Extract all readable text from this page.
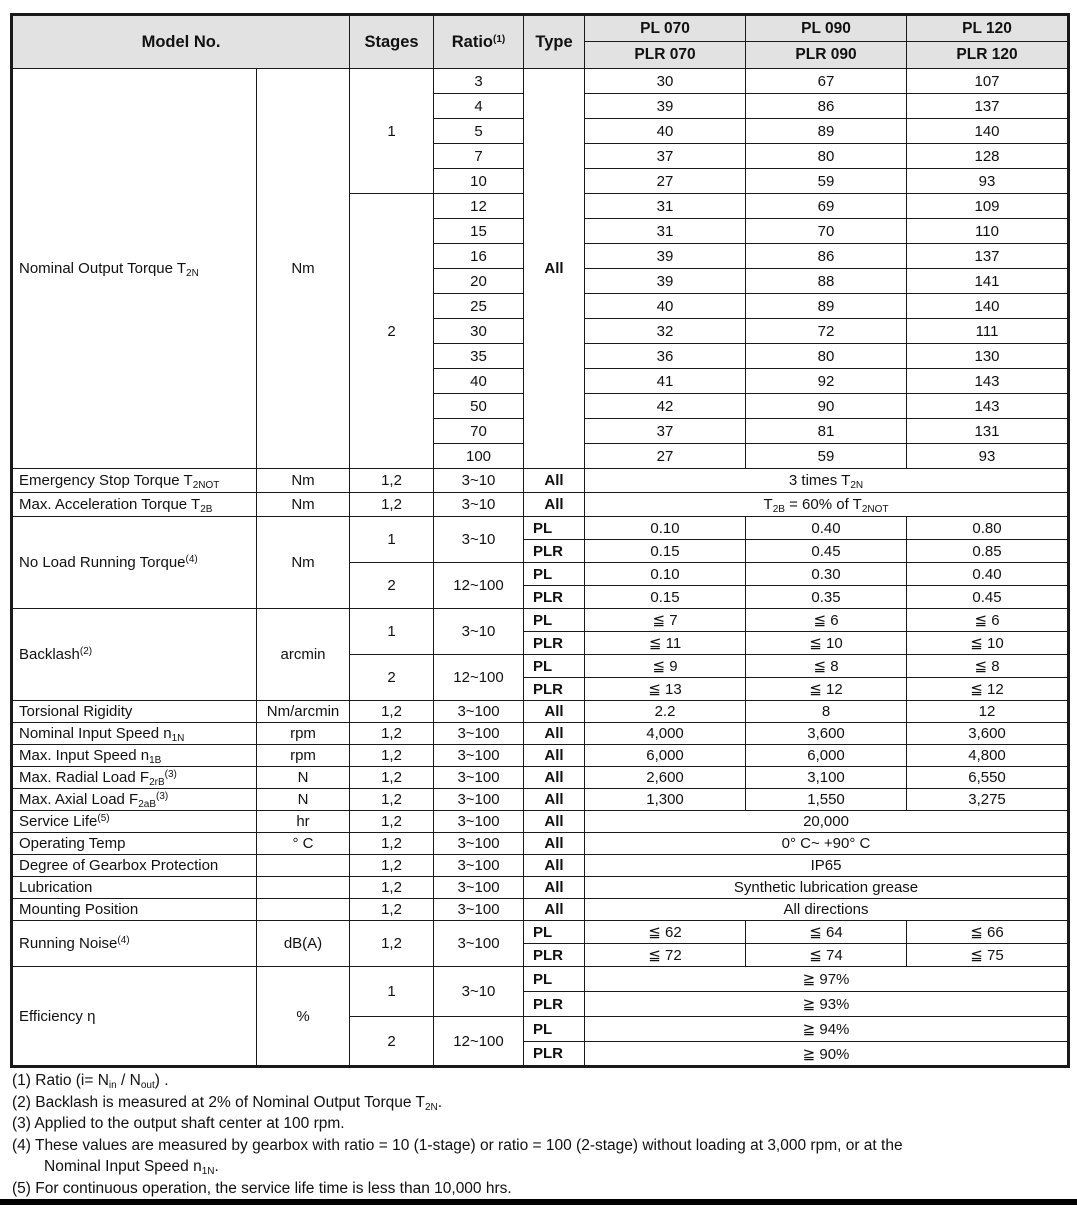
Model No.		Stages	Ratio$^{(1)}$	Type	PL 070	PL 090	PL 120
					PLR 070	PLR 090	PLR 120
Nominal Output Torque $T_{2N}$	Nm	1	3	All	30	67	107
			4		39	86	137
			5		40	89	140
			7		37	80	128
			10		27	59	93
		2	12		31	69	109
			15		31	70	110
			16		39	86	137
			20		39	88	141
			25		40	89	140
			30		32	72	111
			35		36	80	130
			40		41	92	143
			50		42	90	143
			70		37	81	131
			100		27	59	93
Emergency Stop Torque $T_{2NOT}$	Nm	1,2	3~10	All	3 times $T_{2N}$
Max. Acceleration Torque $T_{2B}$	Nm	1,2	3~10	All	$T_{2B} = 60\%$ of $T_{2NOT}$
No Load Running Torque$^{(4)}$	Nm	1	3~10	PL	0.10	0.40	0.80
				PLR	0.15	0.45	0.85
		2	12~100	PL	0.10	0.30	0.40
				PLR	0.15	0.35	0.45
Backlash$^{(2)}$	arcmin	1	3~10	PL	≦ 7	≦ 6	≦ 6
				PLR	≦ 11	≦ 10	≦ 10
		2	12~100	PL	≦ 9	≦ 8	≦ 8
				PLR	≦ 13	≦ 12	≦ 12
Torsional Rigidity	Nm/arcmin	1,2	3~100	All	2.2	8	12
Nominal Input Speed $n_{1N}$	rpm	1,2	3~100	All	4,000	3,600	3,600
Max. Input Speed $n_{1B}$	rpm	1,2	3~100	All	6,000	6,000	4,800
Max. Radial Load $F_{2rB}^{(3)}$	N	1,2	3~100	All	2,600	3,100	6,550
Max. Axial Load $F_{2aB}^{(3)}$	N	1,2	3~100	All	1,300	1,550	3,275
Service Life$^{(5)}$	hr	1,2	3~100	All	20,000		
Operating Temp	° C	1,2	3~100	All	0° C~ +90° C		
Degree of Gearbox Protection		1,2	3~100	All	IP65		
Lubrication		1,2	3~100	All	Synthetic lubrication grease		
Mounting Position		1,2	3~100	All	All directions		
Running Noise$^{(4)}$	dB(A)	1,2	3~100	PL	≦ 62	≦ 64	≦ 66
				PLR	≦ 72	≦ 74	≦ 75
Efficiency η	%	1	3~10	PL	≧ 97%		
				PLR	≧ 93%		
		2	12~100	PL	≧ 94%		
				PLR	≧ 90%		
(1) Ratio $(i= N_{in} / N_{out})$ .
(2) Backlash is measured at 2% of Nominal Output Torque $T_{2N}$.
(3) Applied to the output shaft center at 100 rpm.
(4) These values are measured by gearbox with ratio = 10 (1-stage) or ratio = 100 (2-stage) without loading at 3,000 rpm, or at the
Nominal Input Speed $n_{1N}$.
(5) For continuous operation, the service life time is less than 10,000 hrs.
